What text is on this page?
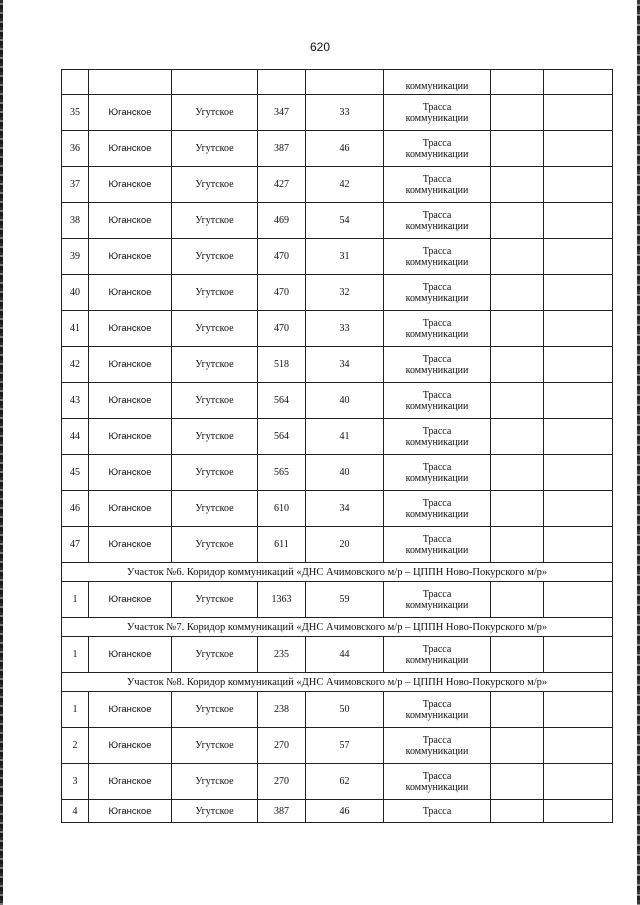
620
					коммуникации		
35	Юганское	Угутское	347	33	Трасса
коммуникации		

36	Юганское	Угутское	387	46	Трасса
коммуникации		

37	Юганское	Угутское	427	42	Трасса
коммуникации		

38	Юганское	Угутское	469	54	Трасса
коммуникации		

39	Юганское	Угутское	470	31	Трасса
коммуникации		

40	Юганское	Угутское	470	32	Трасса
коммуникации		

41	Юганское	Угутское	470	33	Трасса
коммуникации		

42	Юганское	Угутское	518	34	Трасса
коммуникации		

43	Юганское	Угутское	564	40	Трасса
коммуникации		

44	Юганское	Угутское	564	41	Трасса
коммуникации		

45	Юганское	Угутское	565	40	Трасса
коммуникации		

46	Юганское	Угутское	610	34	Трасса
коммуникации		

47	Юганское	Угутское	611	20	Трасса
коммуникации		

Участок №6. Коридор коммуникаций «ДНС Ачимовского м/р – ЦППН Ново-Покурского м/р»							
1	Юганское	Угутское	1363	59	Трасса
коммуникации		

Участок №7. Коридор коммуникаций «ДНС Ачимовского м/р – ЦППН Ново-Покурского м/р»							
1	Юганское	Угутское	235	44	Трасса
коммуникации		

Участок №8. Коридор коммуникаций «ДНС Ачимовского м/р – ЦППН Ново-Покурского м/р»							
1	Юганское	Угутское	238	50	Трасса
коммуникации		

2	Юганское	Угутское	270	57	Трасса
коммуникации		

3	Юганское	Угутское	270	62	Трасса
коммуникации		

4	Юганское	Угутское	387	46	Трасса		
